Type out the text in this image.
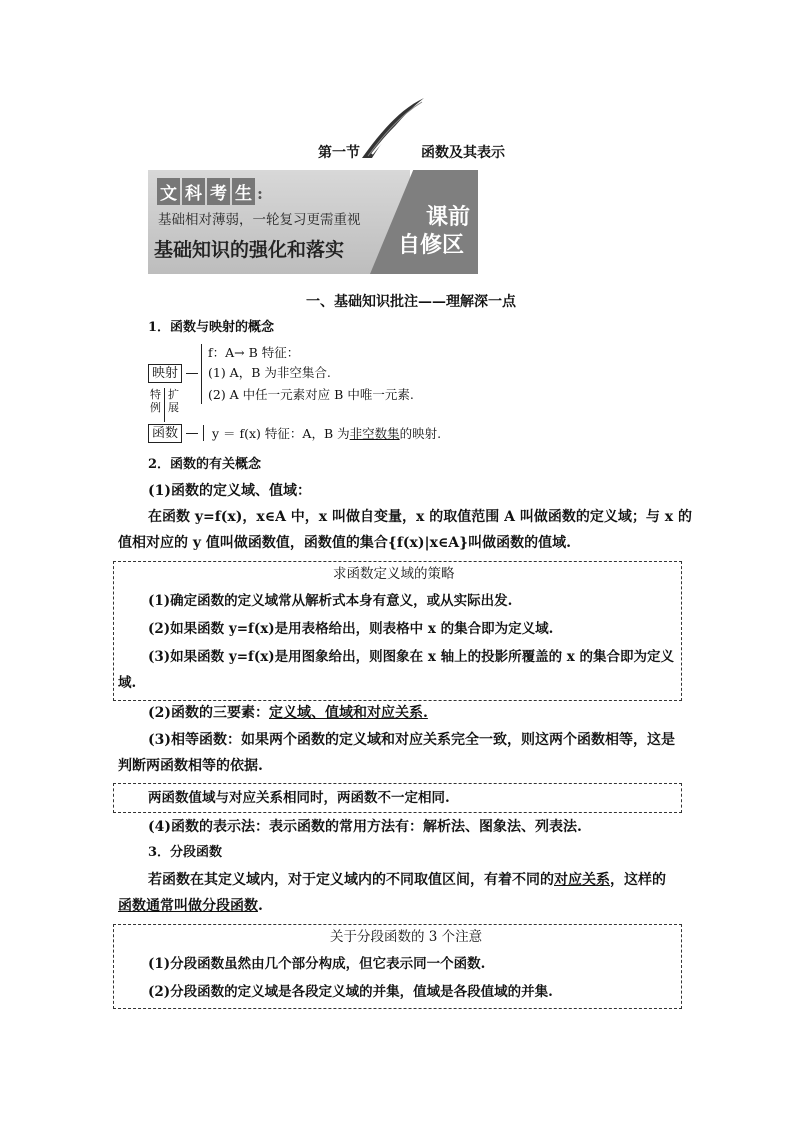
第一节	函数及其表示
文 科 考 生 :
基础相对薄弱，一轮复习更需重视
基础知识的强化和落实
课前
自修区
一、基础知识批注——理解深一点
1．函数与映射的概念
映射
f：A→ B 特征：
(1) A，B 为非空集合.
(2) A 中任一元素对应 B 中唯一元素.
特例
扩展
函数	y ＝ f(x) 特征：A，B 为非空数集的映射.
2．函数的有关概念
(1)函数的定义域、值域：
在函数 y=f(x)，x∈A 中，x 叫做自变量，x 的取值范围 A 叫做函数的定义域；与 x 的
值相对应的 y 值叫做函数值，函数值的集合{f(x)|x∈A}叫做函数的值域.
求函数定义域的策略
(1)确定函数的定义域常从解析式本身有意义，或从实际出发.
(2)如果函数 y=f(x)是用表格给出，则表格中 x 的集合即为定义域.
(3)如果函数 y=f(x)是用图象给出，则图象在 x 轴上的投影所覆盖的 x 的集合即为定义
域.
(2)函数的三要素：定义域、值域和对应关系.
(3)相等函数：如果两个函数的定义域和对应关系完全一致，则这两个函数相等，这是
判断两函数相等的依据.
两函数值域与对应关系相同时，两函数不一定相同.
(4)函数的表示法：表示函数的常用方法有：解析法、图象法、列表法.
3．分段函数
若函数在其定义域内，对于定义域内的不同取值区间，有着不同的对应关系，这样的
函数通常叫做分段函数.
关于分段函数的 3 个注意
(1)分段函数虽然由几个部分构成，但它表示同一个函数.
(2)分段函数的定义域是各段定义域的并集，值域是各段值域的并集.
